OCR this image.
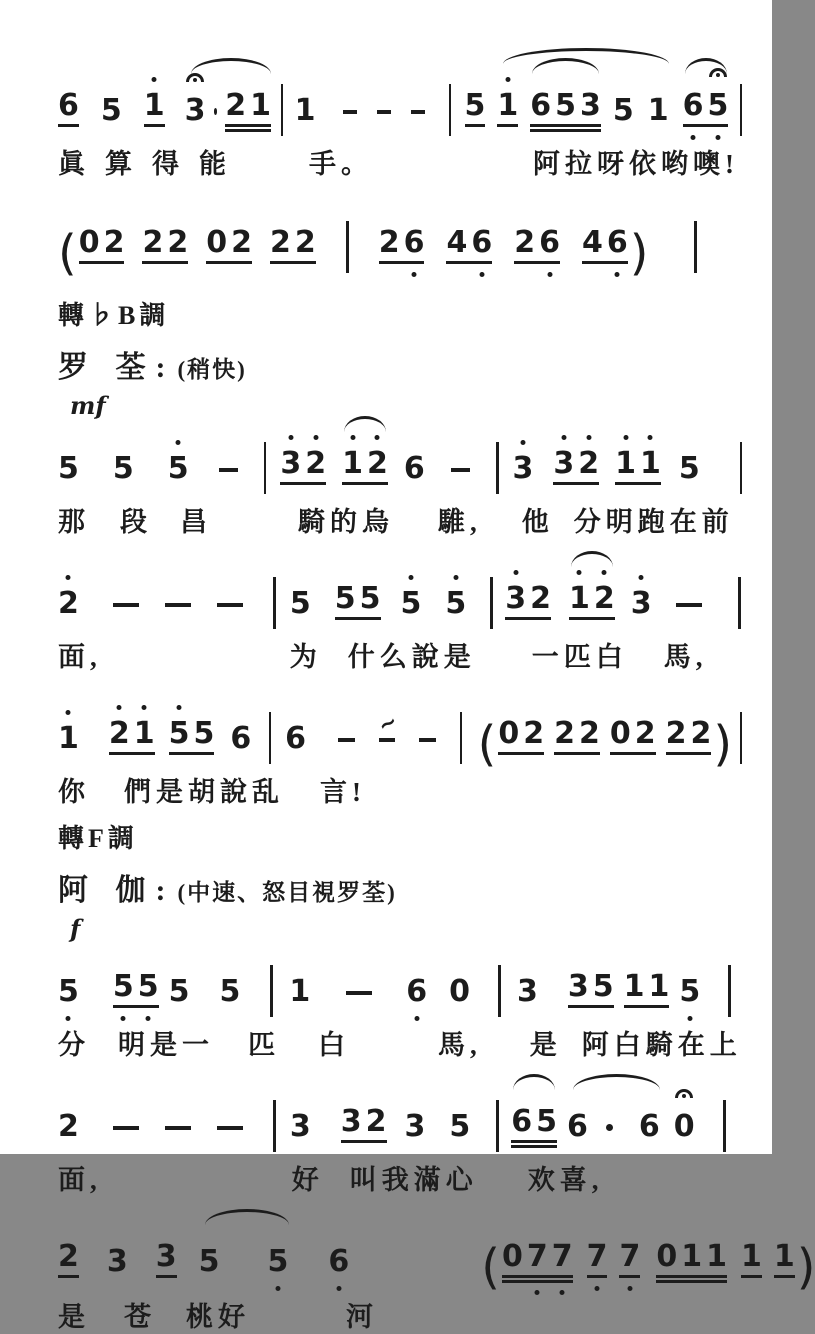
6 5 1 3 2 1 1	5 1 6 5 3 5 1 6 5
眞 算 得 能	手。	阿拉呀依哟噢!
( 0 2 2 2 0 2 2 2 2 6 4 6 2 6 4 6 )
轉♭B調
罗 荃: (稍快)
mf
5 5 5	3 2 1 2 6	3 3 2 1 1 5
那 段 昌	騎的烏 騅, 他 分明跑在前
2	5 5 5 5 5 3 2 1 2 3
面,	为 什么說是 一匹白 馬,
1 2 1 5 5 6 6	~ ( 0 2 2 2 0 2 2 2 )
你 們是胡說乱 言!
轉F調
阿 伽: (中速、怒目視罗荃)
f
5 5 5 5 5 1	6 0 3 3 5 1 1 5
分 明是一 匹 白	馬, 是 阿白騎在上
2	3 3 2 3 5 6 5 6 6 0
面,	好 叫我滿心 欢喜,
2 3 3 5 5 6	( 0 7 7 7 7 0 1 1 1 1 )
是 苍 桃好	河
